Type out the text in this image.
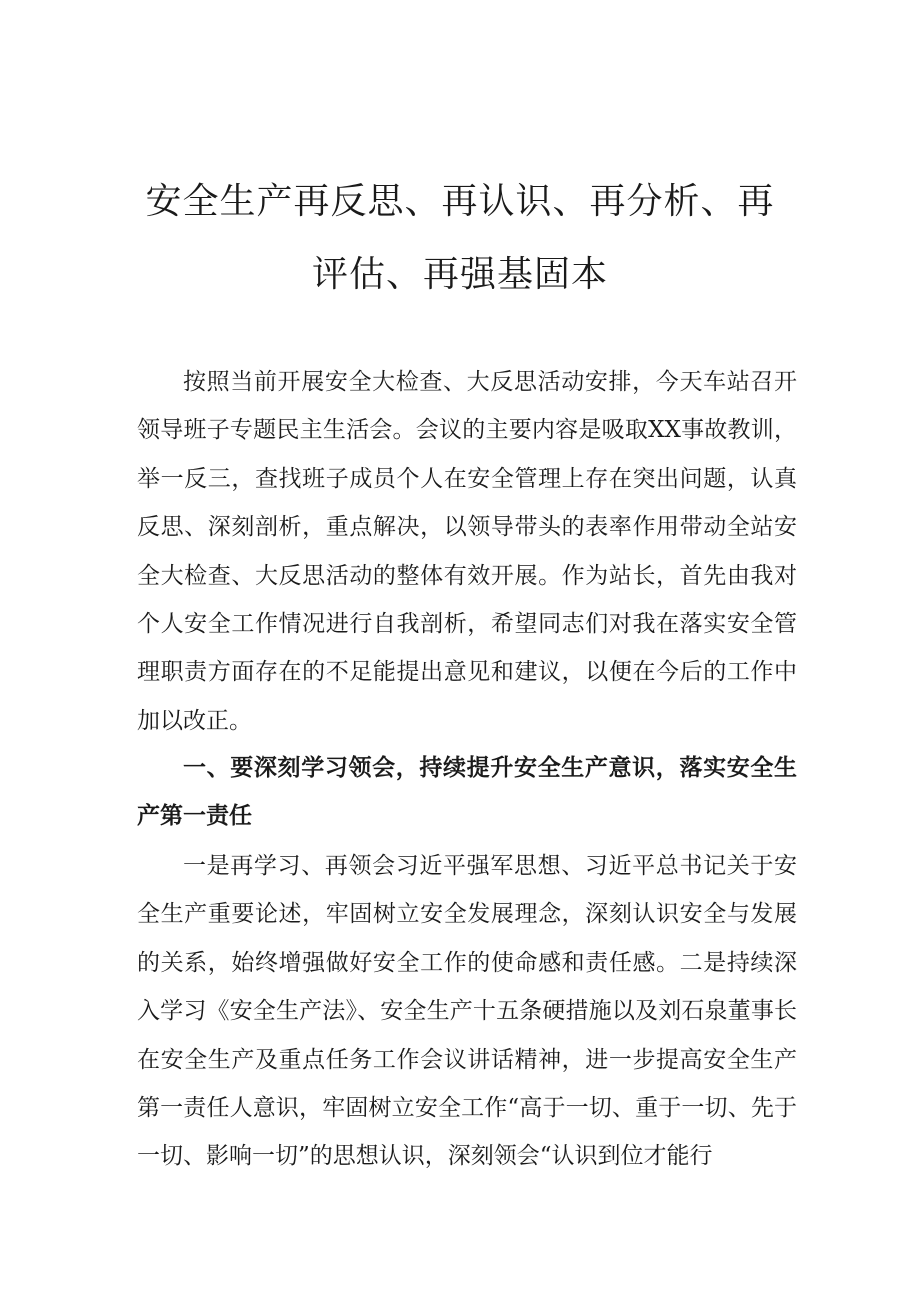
安全生产再反思、再认识、再分析、再
评估、再强基固本

按照当前开展安全大检查、大反思活动安排，今天车站召开领导班子专题民主生活会。会议的主要内容是吸取XX事故教训，举一反三，查找班子成员个人在安全管理上存在突出问题，认真反思、深刻剖析，重点解决，以领导带头的表率作用带动全站安全大检查、大反思活动的整体有效开展。作为站长，首先由我对个人安全工作情况进行自我剖析，希望同志们对我在落实安全管理职责方面存在的不足能提出意见和建议，以便在今后的工作中加以改正。

一、要深刻学习领会，持续提升安全生产意识，落实安全生产第一责任

一是再学习、再领会习近平强军思想、习近平总书记关于安全生产重要论述，牢固树立安全发展理念，深刻认识安全与发展的关系，始终增强做好安全工作的使命感和责任感。二是持续深入学习《安全生产法》、安全生产十五条硬措施以及刘石泉董事长在安全生产及重点任务工作会议讲话精神，进一步提高安全生产第一责任人意识，牢固树立安全工作“高于一切、重于一切、先于一切、影响一切”的思想认识，深刻领会“认识到位才能行
